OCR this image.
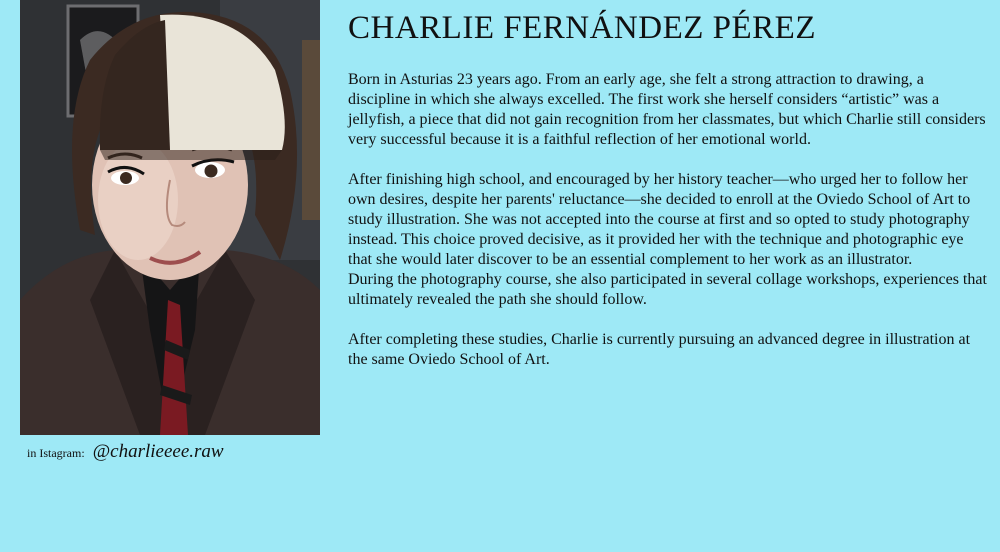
in Istagram: @charlieeee.raw
CHARLIE FERNÁNDEZ PÉREZ

Born in Asturias 23 years ago. From an early age, she felt a strong attraction to drawing, a discipline in which she always excelled. The first work she herself considers “artistic” was a jellyfish, a piece that did not gain recognition from her classmates, but which Charlie still considers very successful because it is a faithful reflection of her emotional world.

After finishing high school, and encouraged by her history teacher—who urged her to follow her own desires, despite her parents' reluctance—she decided to enroll at the Oviedo School of Art to study illustration. She was not accepted into the course at first and so opted to study photography instead. This choice proved decisive, as it provided her with the technique and photographic eye that she would later discover to be an essential complement to her work as an illustrator.

During the photography course, she also participated in several collage workshops, experiences that ultimately revealed the path she should follow.

After completing these studies, Charlie is currently pursuing an advanced degree in illustration at the same Oviedo School of Art.
